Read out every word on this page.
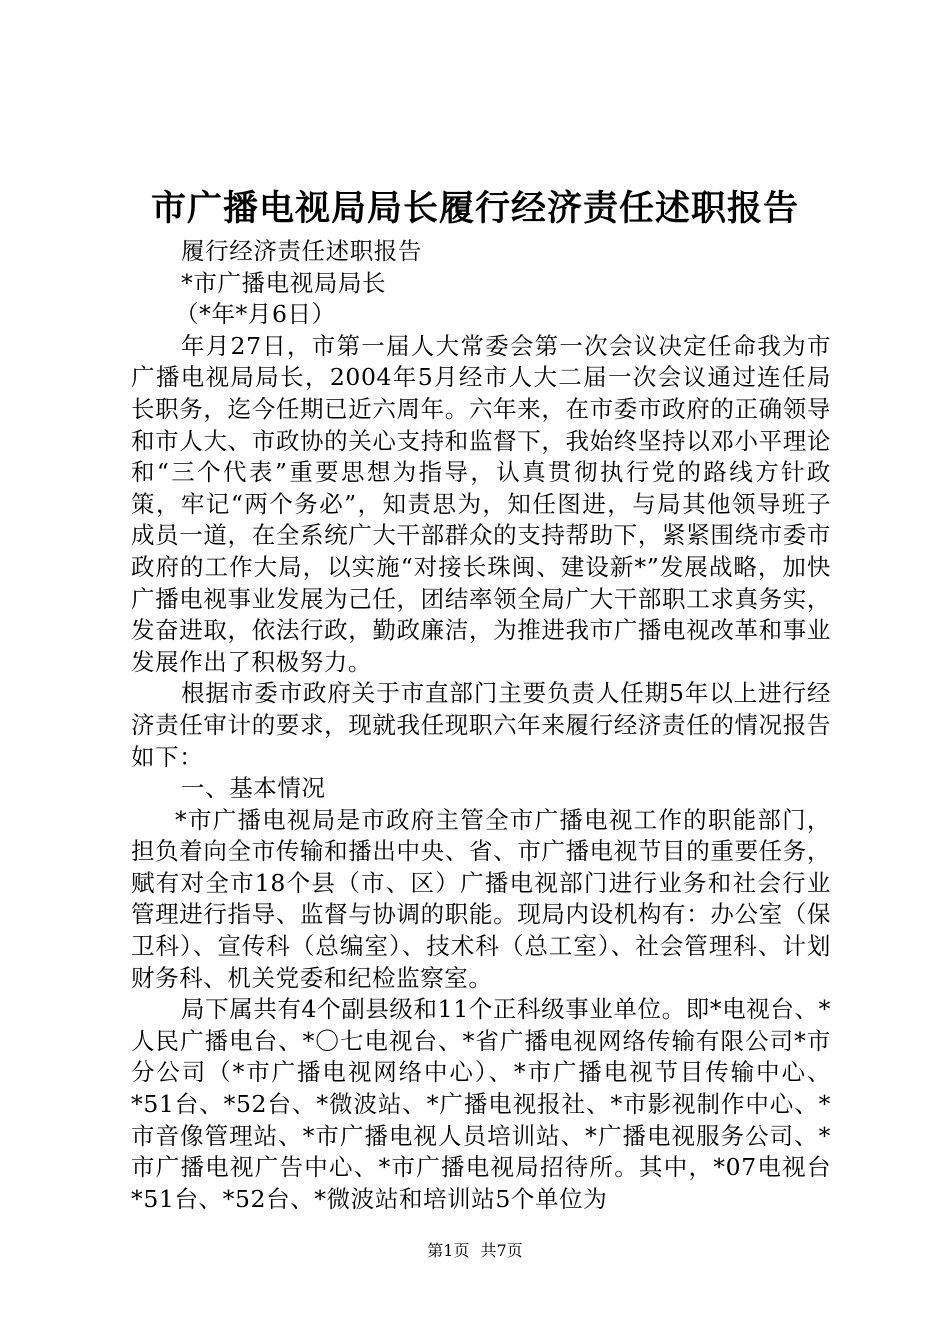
市广播电视局局长履行经济责任述职报告

履行经济责任述职报告

*市广播电视局局长

（*年*月6日）

年月27日，市第一届人大常委会第一次会议决定任命我为市广播电视局局长，2004年5月经市人大二届一次会议通过连任局长职务，迄今任期已近六周年。六年来，在市委市政府的正确领导和市人大、市政协的关心支持和监督下，我始终坚持以邓小平理论和“三个代表”重要思想为指导，认真贯彻执行党的路线方针政策，牢记“两个务必”，知责思为，知任图进，与局其他领导班子成员一道，在全系统广大干部群众的支持帮助下，紧紧围绕市委市政府的工作大局，以实施“对接长珠闽、建设新*”发展战略，加快广播电视事业发展为己任，团结率领全局广大干部职工求真务实，发奋进取，依法行政，勤政廉洁，为推进我市广播电视改革和事业发展作出了积极努力。

根据市委市政府关于市直部门主要负责人任期5年以上进行经济责任审计的要求，现就我任现职六年来履行经济责任的情况报告如下：

一、基本情况

*市广播电视局是市政府主管全市广播电视工作的职能部门，担负着向全市传输和播出中央、省、市广播电视节目的重要任务，赋有对全市18个县（市、区）广播电视部门进行业务和社会行业管理进行指导、监督与协调的职能。现局内设机构有：办公室（保卫科）、宣传科（总编室）、技术科（总工室）、社会管理科、计划财务科、机关党委和纪检监察室。

局下属共有4个副县级和11个正科级事业单位。即*电视台、*人民广播电台、*〇七电视台、*省广播电视网络传输有限公司*市分公司（*市广播电视网络中心）、*市广播电视节目传输中心、*51台、*52台、*微波站、*广播电视报社、*市影视制作中心、*市音像管理站、*市广播电视人员培训站、*广播电视服务公司、*市广播电视广告中心、*市广播电视局招待所。其中，*07电视台*51台、*52台、*微波站和培训站5个单位为

第1页 共7页
